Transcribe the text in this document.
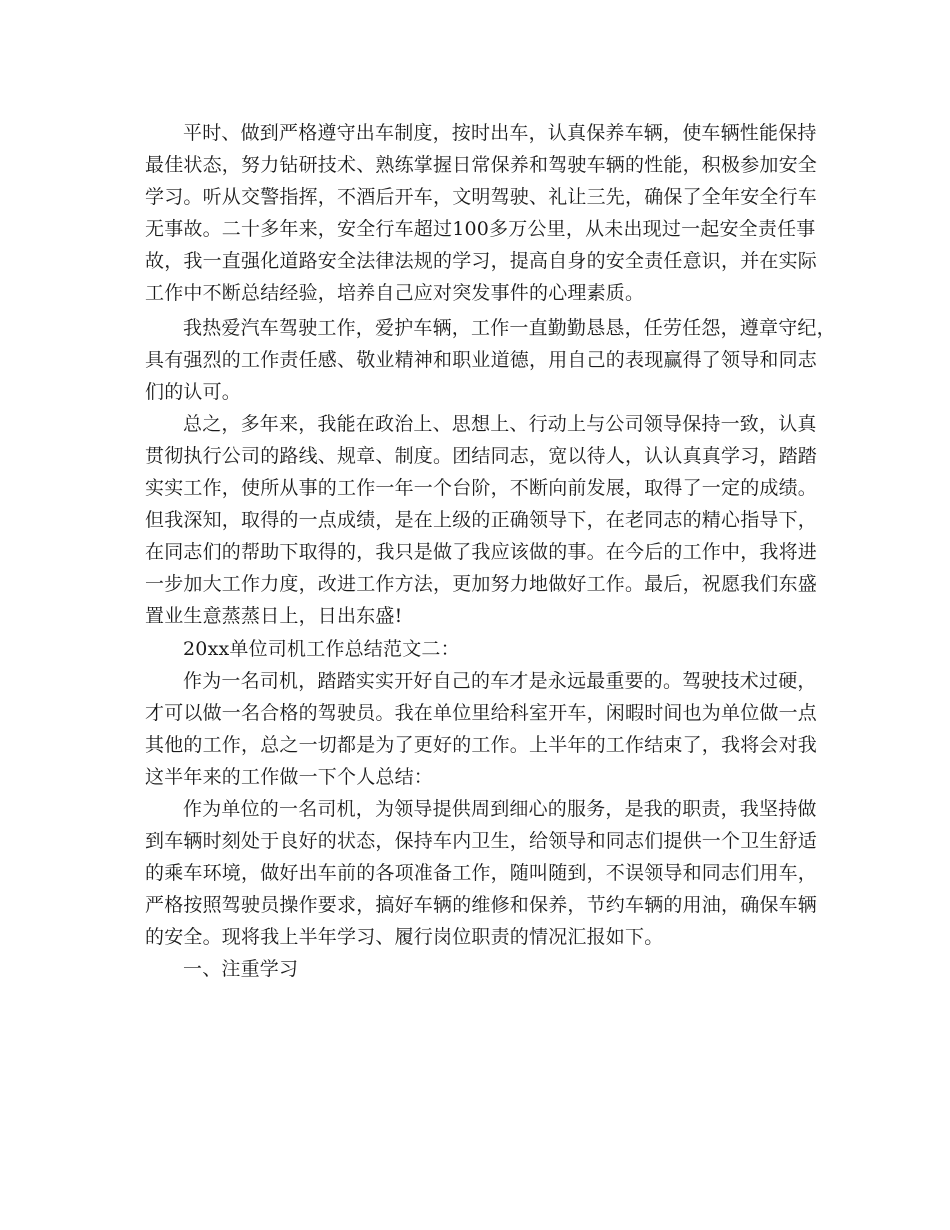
平时、做到严格遵守出车制度，按时出车，认真保养车辆，使车辆性能保持
最佳状态，努力钻研技术、熟练掌握日常保养和驾驶车辆的性能，积极参加安全
学习。听从交警指挥，不酒后开车，文明驾驶、礼让三先，确保了全年安全行车
无事故。二十多年来，安全行车超过100多万公里，从未出现过一起安全责任事
故，我一直强化道路安全法律法规的学习，提高自身的安全责任意识，并在实际
工作中不断总结经验，培养自己应对突发事件的心理素质。
我热爱汽车驾驶工作，爱护车辆，工作一直勤勤恳恳，任劳任怨，遵章守纪，
具有强烈的工作责任感、敬业精神和职业道德，用自己的表现赢得了领导和同志
们的认可。
总之，多年来，我能在政治上、思想上、行动上与公司领导保持一致，认真
贯彻执行公司的路线、规章、制度。团结同志，宽以待人，认认真真学习，踏踏
实实工作，使所从事的工作一年一个台阶，不断向前发展，取得了一定的成绩。
但我深知，取得的一点成绩，是在上级的正确领导下，在老同志的精心指导下，
在同志们的帮助下取得的，我只是做了我应该做的事。在今后的工作中，我将进
一步加大工作力度，改进工作方法，更加努力地做好工作。最后，祝愿我们东盛
置业生意蒸蒸日上，日出东盛!
20xx单位司机工作总结范文二：
作为一名司机，踏踏实实开好自己的车才是永远最重要的。驾驶技术过硬，
才可以做一名合格的驾驶员。我在单位里给科室开车，闲暇时间也为单位做一点
其他的工作，总之一切都是为了更好的工作。上半年的工作结束了，我将会对我
这半年来的工作做一下个人总结：
作为单位的一名司机，为领导提供周到细心的服务，是我的职责，我坚持做
到车辆时刻处于良好的状态，保持车内卫生，给领导和同志们提供一个卫生舒适
的乘车环境，做好出车前的各项准备工作，随叫随到，不误领导和同志们用车，
严格按照驾驶员操作要求，搞好车辆的维修和保养，节约车辆的用油，确保车辆
的安全。现将我上半年学习、履行岗位职责的情况汇报如下。
一、注重学习
